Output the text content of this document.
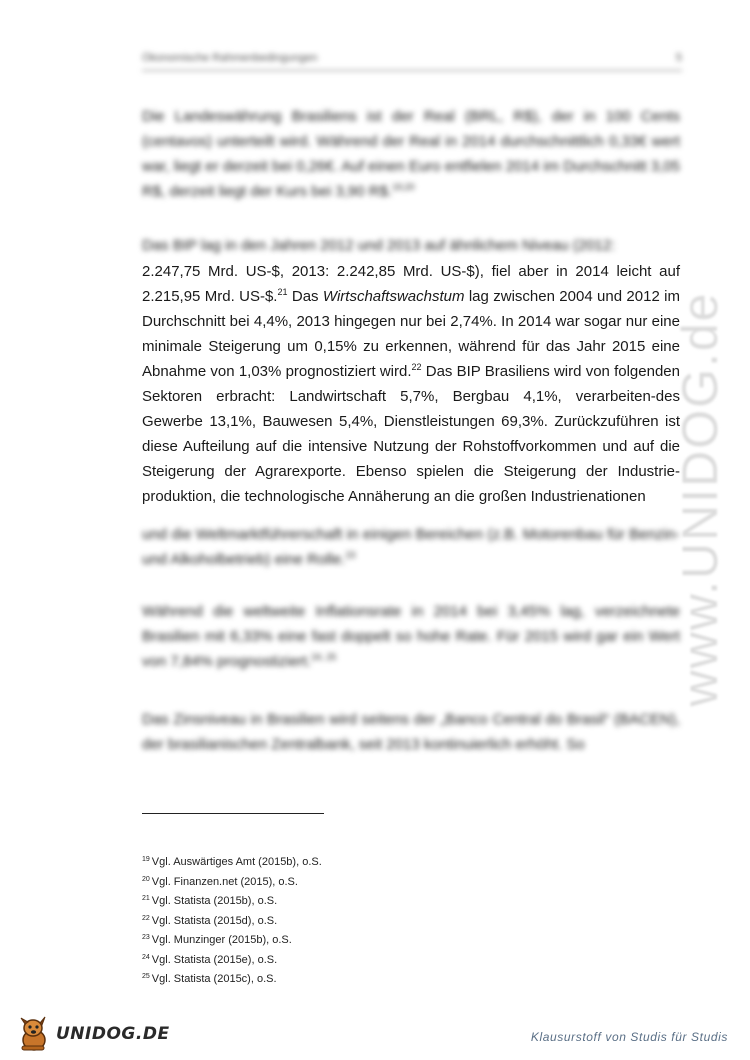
Ökonomische Rahmenbedingungen	5
Die Landeswährung Brasiliens ist der Real (BRL, R$), der in 100 Cents (centavos) unterteilt wird. Während der Real in 2014 durchschnittlich 0,33€ wert war, liegt er derzeit bei 0,26€. Auf einen Euro entfielen 2014 im Durchschnitt 3,05 R$, derzeit liegt der Kurs bei 3,90 R$.$^{19,20}$
Das BIP lag in den Jahren 2012 und 2013 auf ähnlichem Niveau (2012:
2.247,75 Mrd. US-$, 2013: 2.242,85 Mrd. US-$), fiel aber in 2014 leicht auf 2.215,95 Mrd. US-$.$^{21}$ Das Wirtschaftswachstum lag zwischen 2004 und 2012 im Durchschnitt bei 4,4%, 2013 hingegen nur bei 2,74%. In 2014 war sogar nur eine minimale Steigerung um 0,15% zu erkennen, während für das Jahr 2015 eine Abnahme von 1,03% prognostiziert wird.$^{22}$ Das BIP Brasiliens wird von folgenden Sektoren erbracht: Landwirtschaft 5,7%, Bergbau 4,1%, verarbeiten-des Gewerbe 13,1%, Bauwesen 5,4%, Dienstleistungen 69,3%. Zurückzuführen ist diese Aufteilung auf die intensive Nutzung der Rohstoffvorkommen und auf die Steigerung der Agrarexporte. Ebenso spielen die Steigerung der Industrie-produktion, die technologische Annäherung an die großen Industrienationen
und die Weltmarktführerschaft in einigen Bereichen (z.B. Motorenbau für Benzin- und Alkoholbetrieb) eine Rolle.$^{23}$
Während die weltweite Inflationsrate in 2014 bei 3,45% lag, verzeichnete Brasilien mit 6,33% eine fast doppelt so hohe Rate. Für 2015 wird gar ein Wert von 7,84% prognostiziert.$^{24, 25}$
Das Zinsniveau in Brasilien wird seitens der „Banco Central do Brasil“ (BACEN), der brasilianischen Zentralbank, seit 2013 kontinuierlich erhöht. So
www.UNIDOG.de
$^{19}$ Vgl. Auswärtiges Amt (2015b), o.S.
$^{20}$ Vgl. Finanzen.net (2015), o.S.
$^{21}$ Vgl. Statista (2015b), o.S.
$^{22}$ Vgl. Statista (2015d), o.S.
$^{23}$ Vgl. Munzinger (2015b), o.S.
$^{24}$ Vgl. Statista (2015e), o.S.
$^{25}$ Vgl. Statista (2015c), o.S.
UNIDOG.DE	Klausurstoff von Studis für Studis
